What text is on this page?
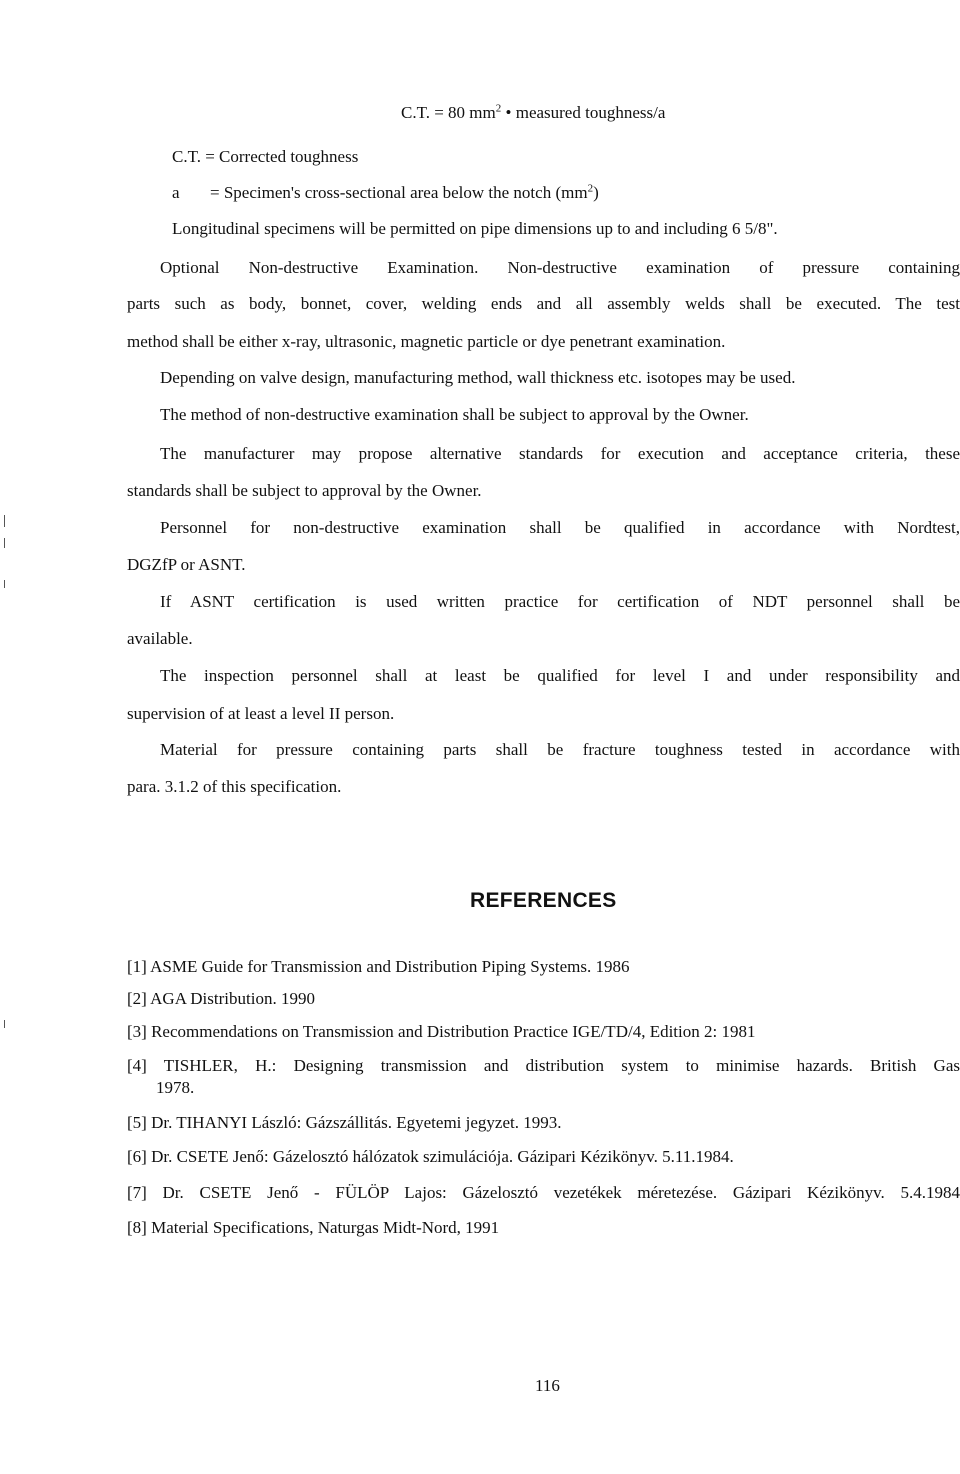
C.T. = 80 $mm^2$ • measured toughness/a
C.T. = Corrected toughness
a = Specimen's cross-sectional area below the notch $(mm^2)$
Longitudinal specimens will be permitted on pipe dimensions up to and including 6 5/8".
Optional Non-destructive Examination. Non-destructive examination of pressure containing
parts such as body, bonnet, cover, welding ends and all assembly welds shall be executed. The test
method shall be either x-ray, ultrasonic, magnetic particle or dye penetrant examination.
Depending on valve design, manufacturing method, wall thickness etc. isotopes may be used.
The method of non-destructive examination shall be subject to approval by the Owner.
The manufacturer may propose alternative standards for execution and acceptance criteria, these
standards shall be subject to approval by the Owner.
Personnel for non-destructive examination shall be qualified in accordance with Nordtest,
DGZfP or ASNT.
If ASNT certification is used written practice for certification of NDT personnel shall be
available.
The inspection personnel shall at least be qualified for level I and under responsibility and
supervision of at least a level II person.
Material for pressure containing parts shall be fracture toughness tested in accordance with
para. 3.1.2 of this specification.
REFERENCES
[1] ASME Guide for Transmission and Distribution Piping Systems. 1986
[2] AGA Distribution. 1990
[3] Recommendations on Transmission and Distribution Practice IGE/TD/4, Edition 2: 1981
[4] TISHLER, H.: Designing transmission and distribution system to minimise hazards. British Gas
1978.
[5] Dr. TIHANYI László: Gázszállitás. Egyetemi jegyzet. 1993.
[6] Dr. CSETE Jenő: Gázelosztó hálózatok szimulációja. Gázipari Kézikönyv. 5.11.1984.
[7] Dr. CSETE Jenő - FÜLÖP Lajos: Gázelosztó vezetékek méretezése. Gázipari Kézikönyv. 5.4.1984
[8] Material Specifications, Naturgas Midt-Nord, 1991
116
